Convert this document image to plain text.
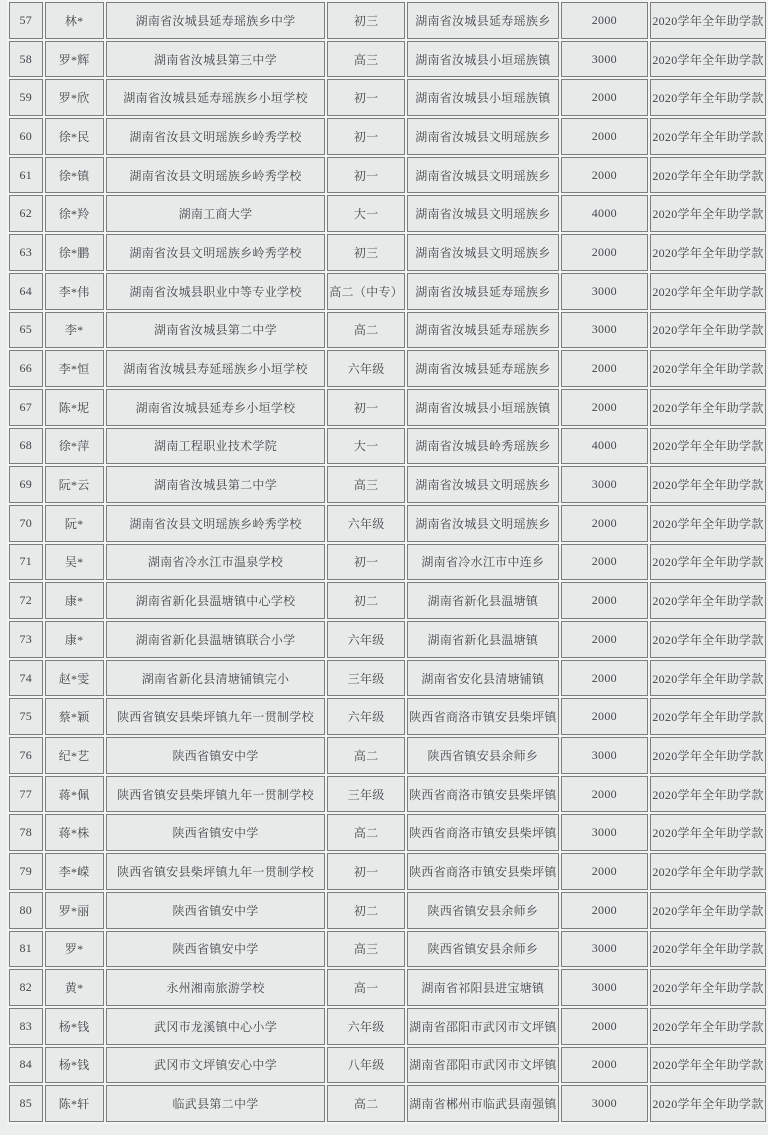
57	林*	湖南省汝城县延寿瑶族乡中学	初三	湖南省汝城县延寿瑶族乡	2000	2020学年全年助学款
58	罗*辉	湖南省汝城县第三中学	高三	湖南省汝城县小垣瑶族镇	3000	2020学年全年助学款
59	罗*欣	湖南省汝城县延寿瑶族乡小垣学校	初一	湖南省汝城县小垣瑶族镇	2000	2020学年全年助学款
60	徐*民	湖南省汝县文明瑶族乡岭秀学校	初一	湖南省汝城县文明瑶族乡	2000	2020学年全年助学款
61	徐*镇	湖南省汝县文明瑶族乡岭秀学校	初一	湖南省汝城县文明瑶族乡	2000	2020学年全年助学款
62	徐*羚	湖南工商大学	大一	湖南省汝城县文明瑶族乡	4000	2020学年全年助学款
63	徐*鹏	湖南省汝县文明瑶族乡岭秀学校	初三	湖南省汝城县文明瑶族乡	2000	2020学年全年助学款
64	李*伟	湖南省汝城县职业中等专业学校	高二（中专）	湖南省汝城县延寿瑶族乡	3000	2020学年全年助学款
65	李*	湖南省汝城县第二中学	高二	湖南省汝城县延寿瑶族乡	3000	2020学年全年助学款
66	李*恒	湖南省汝城县寿延瑶族乡小垣学校	六年级	湖南省汝城县延寿瑶族乡	2000	2020学年全年助学款
67	陈*坭	湖南省汝城县延寿乡小垣学校	初一	湖南省汝城县小垣瑶族镇	2000	2020学年全年助学款
68	徐*萍	湖南工程职业技术学院	大一	湖南省汝城县岭秀瑶族乡	4000	2020学年全年助学款
69	阮*云	湖南省汝城县第二中学	高三	湖南省汝城县文明瑶族乡	3000	2020学年全年助学款
70	阮*	湖南省汝县文明瑶族乡岭秀学校	六年级	湖南省汝城县文明瑶族乡	2000	2020学年全年助学款
71	吴*	湖南省冷水江市温泉学校	初一	湖南省冷水江市中连乡	2000	2020学年全年助学款
72	康*	湖南省新化县温塘镇中心学校	初二	湖南省新化县温塘镇	2000	2020学年全年助学款
73	康*	湖南省新化县温塘镇联合小学	六年级	湖南省新化县温塘镇	2000	2020学年全年助学款
74	赵*雯	湖南省新化县清塘铺镇完小	三年级	湖南省安化县清塘铺镇	2000	2020学年全年助学款
75	蔡*颖	陕西省镇安县柴坪镇九年一贯制学校	六年级	陕西省商洛市镇安县柴坪镇	2000	2020学年全年助学款
76	纪*艺	陕西省镇安中学	高二	陕西省镇安县余师乡	3000	2020学年全年助学款
77	蒋*佩	陕西省镇安县柴坪镇九年一贯制学校	三年级	陕西省商洛市镇安县柴坪镇	2000	2020学年全年助学款
78	蒋*株	陕西省镇安中学	高二	陕西省商洛市镇安县柴坪镇	3000	2020学年全年助学款
79	李*嵘	陕西省镇安县柴坪镇九年一贯制学校	初一	陕西省商洛市镇安县柴坪镇	2000	2020学年全年助学款
80	罗*丽	陕西省镇安中学	初二	陕西省镇安县余师乡	2000	2020学年全年助学款
81	罗*	陕西省镇安中学	高三	陕西省镇安县余师乡	3000	2020学年全年助学款
82	黄*	永州湘南旅游学校	高一	湖南省祁阳县进宝塘镇	3000	2020学年全年助学款
83	杨*钱	武冈市龙溪镇中心小学	六年级	湖南省邵阳市武冈市文坪镇	2000	2020学年全年助学款
84	杨*钱	武冈市文坪镇安心中学	八年级	湖南省邵阳市武冈市文坪镇	2000	2020学年全年助学款
85	陈*轩	临武县第二中学	高二	湖南省郴州市临武县南强镇	3000	2020学年全年助学款
